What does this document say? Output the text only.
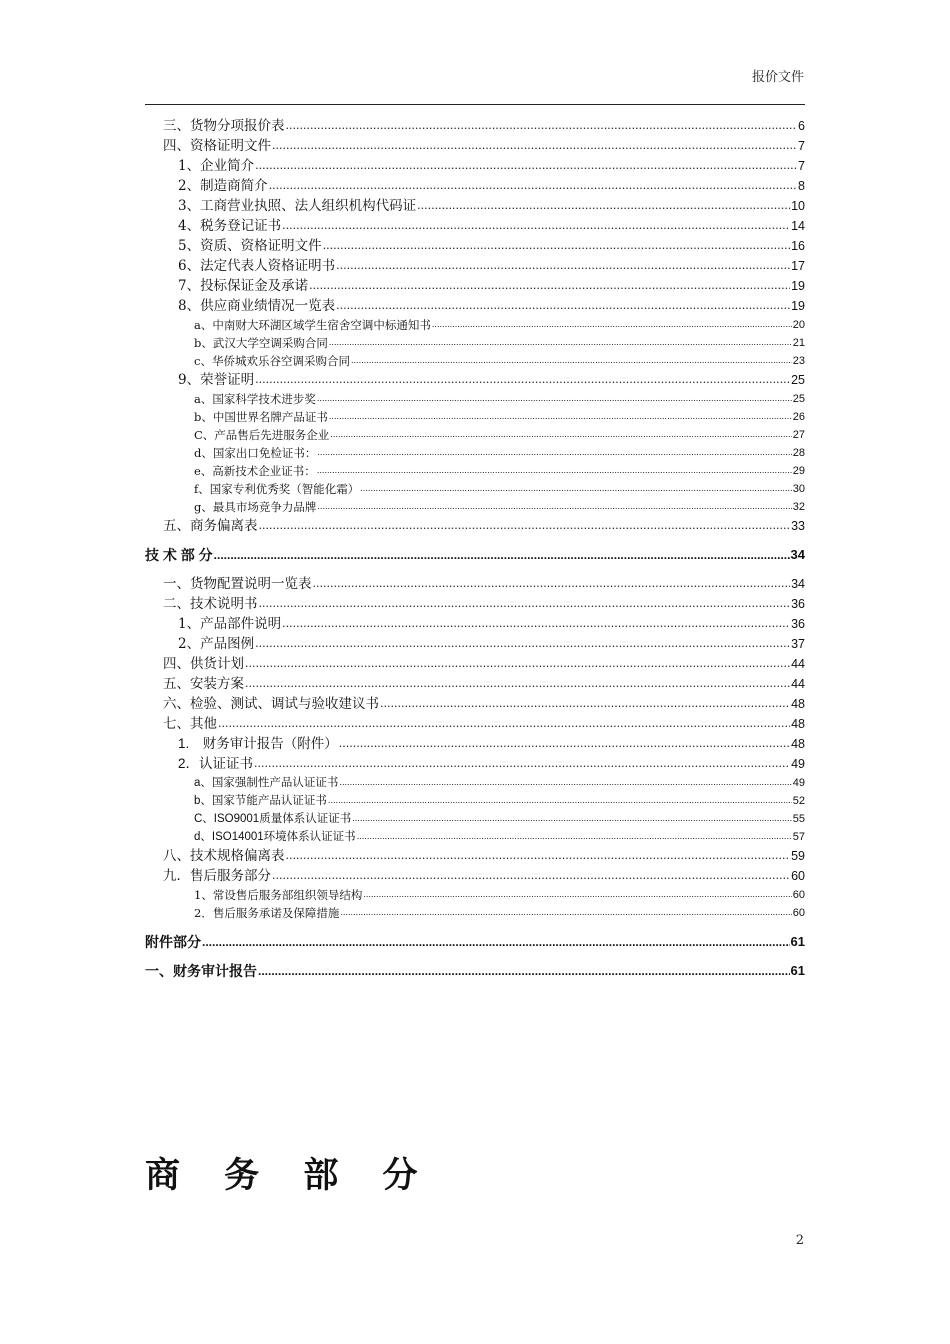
报价文件
三、货物分项报价表 .....	6
四、资格证明文件 .....	7
1、企业简介 .....	7
2、制造商简介 .....	8
3、工商营业执照、法人组织机构代码证 .....	10
4、税务登记证书 .....	14
5、资质、资格证明文件 .....	16
6、法定代表人资格证明书 .....	17
7、投标保证金及承诺 .....	19
8、供应商业绩情况一览表 .....	19
a、中南财大环湖区域学生宿舍空调中标通知书 .....	20
b、武汉大学空调采购合同 .....	21
c、华侨城欢乐谷空调采购合同 .....	23
9、荣誉证明 .....	25
a、国家科学技术进步奖 .....	25
b、中国世界名牌产品证书 .....	26
C、产品售后先进服务企业 .....	27
d、国家出口免检证书： .....	28
e、高新技术企业证书： .....	29
f、国家专利优秀奖（智能化霜） .....	30
g、最具市场竞争力品牌 .....	32
五、商务偏离表 .....	33
技 术 部 分 .....	34
一、货物配置说明一览表 .....	34
二、技术说明书 .....	36
1、产品部件说明 .....	36
2、产品图例 .....	37
四、供货计划 .....	44
五、安装方案 .....	44
六、检验、测试、调试与验收建议书 .....	48
七、其他 .....	48
1.　财务审计报告（附件） .....	48
2．认证证书 .....	49
a、国家强制性产品认证证书 .....	49
b、国家节能产品认证证书 .....	52
C、ISO9001质量体系认证证书 .....	55
d、ISO14001环境体系认证证书 .....	57
八、技术规格偏离表 .....	59
九．售后服务部分 .....	60
1、常设售后服务部组织领导结构 .....	60
2．售后服务承诺及保障措施 .....	60
附件部分 .....	61
一、财务审计报告 .....	61
商 务 部 分
2
